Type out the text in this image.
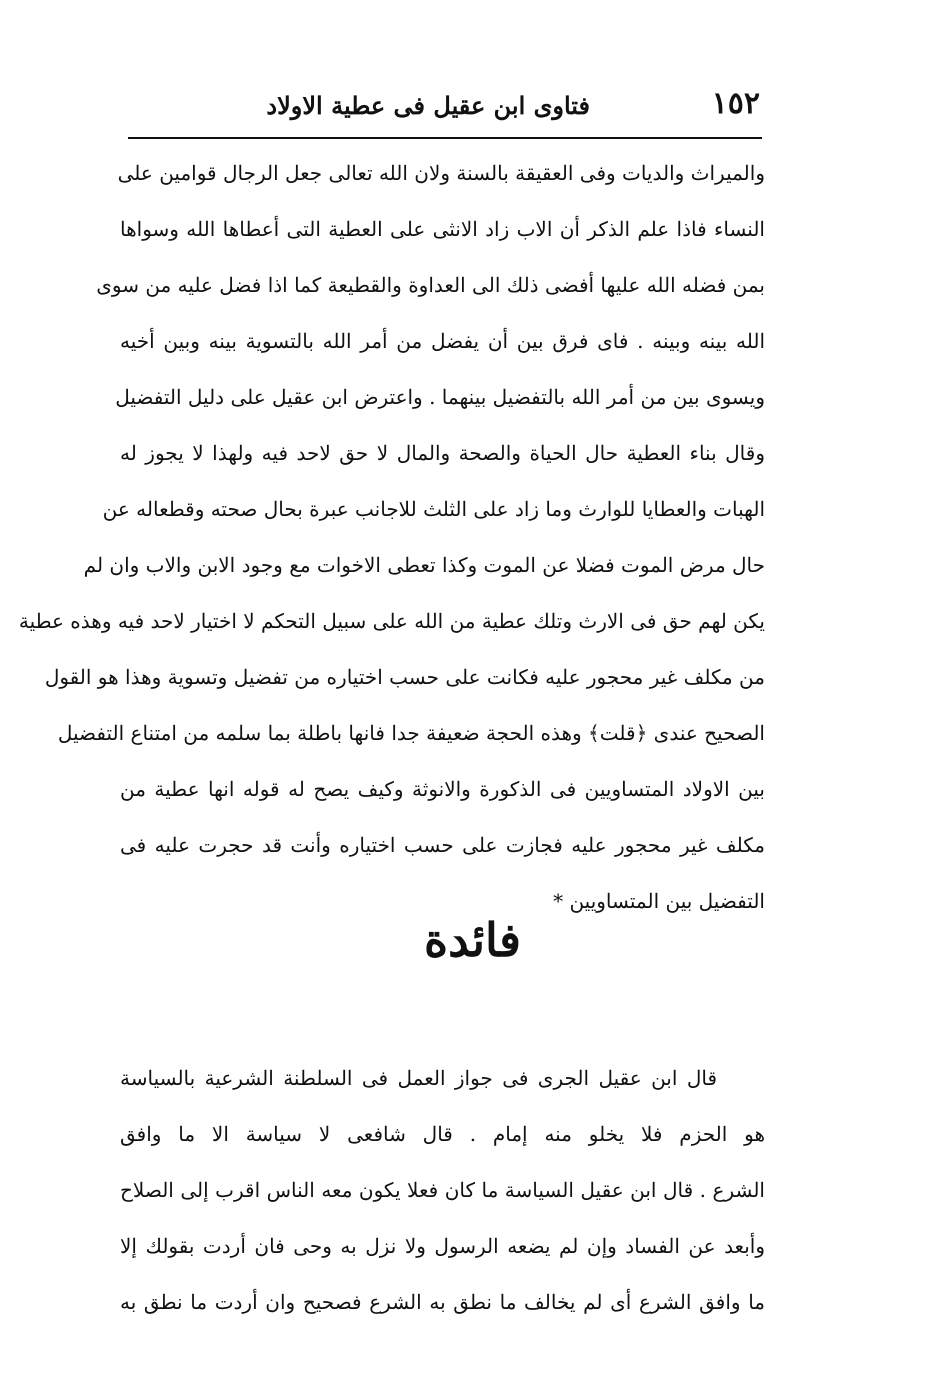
١٥٢
فتاوى ابن عقيل فى عطية الاولاد
والميراث والديات وفى العقيقة بالسنة ولان الله تعالى جعل الرجال قوامين على
النساء فاذا علم الذكر أن الاب زاد الانثى على العطية التى أعطاها الله وسواها
بمن فضله الله عليها أفضى ذلك الى العداوة والقطيعة كما اذا فضل عليه من سوى
الله بينه وبينه . فاى فرق بين أن يفضل من أمر الله بالتسوية بينه وبين أخيه
ويسوى بين من أمر الله بالتفضيل بينهما . واعترض ابن عقيل على دليل التفضيل
وقال بناء العطية حال الحياة والصحة والمال لا حق لاحد فيه ولهذا لا يجوز له
الهبات والعطايا للوارث وما زاد على الثلث للاجانب عبرة بحال صحته وقطعاله عن
حال مرض الموت فضلا عن الموت وكذا تعطى الاخوات مع وجود الابن والاب وان لم
يكن لهم حق فى الارث وتلك عطية من الله على سبيل التحكم لا اختيار لاحد فيه وهذه عطية
من مكلف غير محجور عليه فكانت على حسب اختياره من تفضيل وتسوية وهذا هو القول
الصحيح عندى ﴿قلت﴾ وهذه الحجة ضعيفة جدا فانها باطلة بما سلمه من امتناع التفضيل
بين الاولاد المتساويين فى الذكورة والانوثة وكيف يصح له قوله انها عطية من
مكلف غير محجور عليه فجازت على حسب اختياره وأنت قد حجرت عليه فى
التفضيل بين المتساويين ‌*
فائدة
قال ابن عقيل الجرى فى جواز العمل فى السلطنة الشرعية بالسياسة
هو الحزم فلا يخلو منه إمام . قال شافعى لا سياسة الا ما وافق
الشرع . قال ابن عقيل السياسة ما كان فعلا يكون معه الناس اقرب إلى الصلاح
وأبعد عن الفساد وإن لم يضعه الرسول ولا نزل به وحى فان أردت بقولك إلا
ما وافق الشرع أى لم يخالف ما نطق به الشرع فصحيح وان أردت ما نطق به
